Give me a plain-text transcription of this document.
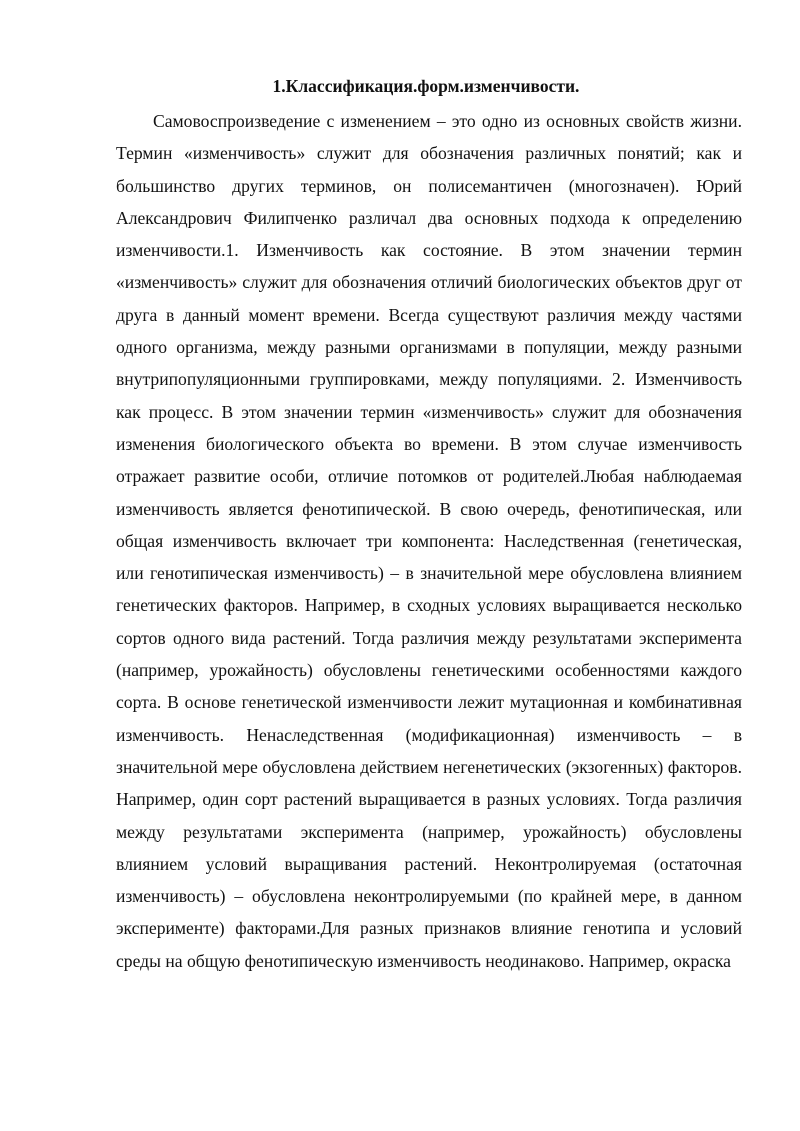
1.Классификация.форм.изменчивости.

Самовоспроизведение с изменением – это одно из основных свойств жизни. Термин «изменчивость» служит для обозначения различных понятий; как и большинство других терминов, он полисемантичен (многозначен). Юрий Александрович Филипченко различал два основных подхода к определению изменчивости.1. Изменчивость как состояние. В этом значении термин «изменчивость» служит для обозначения отличий биологических объектов друг от друга в данный момент времени. Всегда существуют различия между частями одного организма, между разными организмами в популяции, между разными внутрипопуляционными группировками, между популяциями. 2. Изменчивость как процесс. В этом значении термин «изменчивость» служит для обозначения изменения биологического объекта во времени. В этом случае изменчивость отражает развитие особи, отличие потомков от родителей.Любая наблюдаемая изменчивость является фенотипической. В свою очередь, фенотипическая, или общая изменчивость включает три компонента: Наследственная (генетическая, или генотипическая изменчивость) – в значительной мере обусловлена влиянием генетических факторов. Например, в сходных условиях выращивается несколько сортов одного вида растений. Тогда различия между результатами эксперимента (например, урожайность) обусловлены генетическими особенностями каждого сорта. В основе генетической изменчивости лежит мутационная и комбинативная изменчивость. Ненаследственная (модификационная) изменчивость – в значительной мере обусловлена действием негенетических (экзогенных) факторов. Например, один сорт растений выращивается в разных условиях. Тогда различия между результатами эксперимента (например, урожайность) обусловлены влиянием условий выращивания растений. Неконтролируемая (остаточная изменчивость) – обусловлена неконтролируемыми (по крайней мере, в данном эксперименте) факторами.Для разных признаков влияние генотипа и условий среды на общую фенотипическую изменчивость неодинаково. Например, окраска
